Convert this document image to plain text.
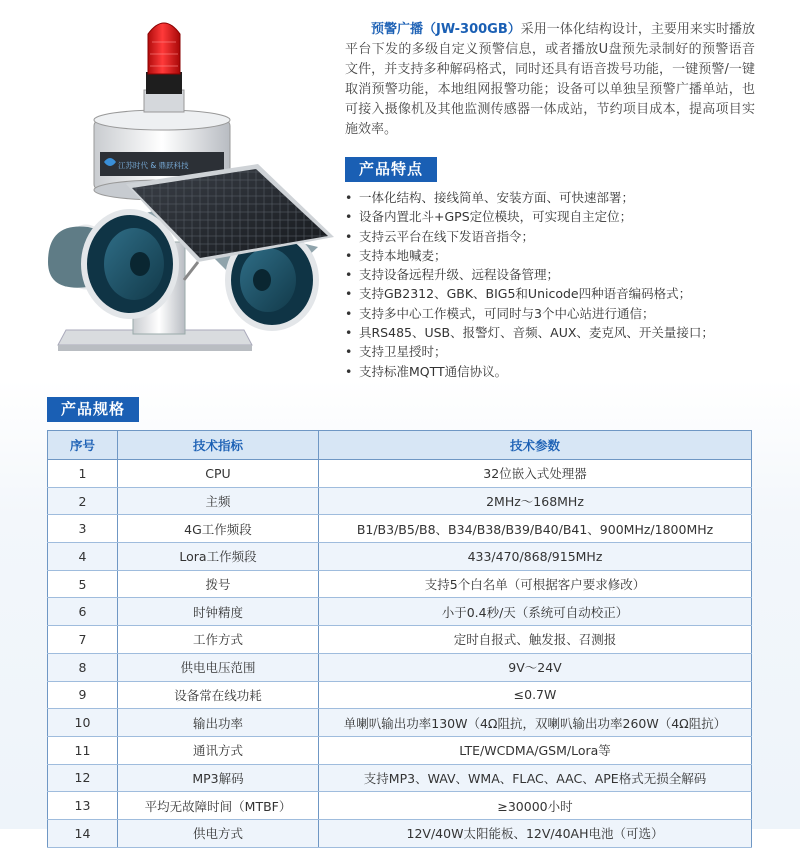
江苏时代 & 鼎跃科技
预警广播（JW-300GB）采用一体化结构设计，主要用来实时播放平台下发的多级自定义预警信息，或者播放U盘预先录制好的预警语音文件，并支持多种解码格式，同时还具有语音拨号功能，一键预警/一键取消预警功能，本地组网报警功能；设备可以单独呈预警广播单站，也可接入摄像机及其他监测传感器一体成站，节约项目成本，提高项目实施效率。
产品特点
• 一体化结构、接线简单、安装方面、可快速部署；
• 设备内置北斗+GPS定位模块，可实现自主定位；
• 支持云平台在线下发语音指令；
• 支持本地喊麦；
• 支持设备远程升级、远程设备管理；
• 支持GB2312、GBK、BIG5和Unicode四种语音编码格式；
• 支持多中心工作模式，可同时与3个中心站进行通信；
• 具RS485、USB、报警灯、音频、AUX、麦克风、开关量接口；
• 支持卫星授时；
• 支持标准MQTT通信协议。
产品规格
序号	技术指标	技术参数
1	CPU	32位嵌入式处理器
2	主频	2MHz～168MHz
3	4G工作频段	B1/B3/B5/B8、B34/B38/B39/B40/B41、900MHz/1800MHz
4	Lora工作频段	433/470/868/915MHz
5	拨号	支持5个白名单（可根据客户要求修改）
6	时钟精度	小于0.4秒/天（系统可自动校正）
7	工作方式	定时自报式、触发报、召测报
8	供电电压范围	9V～24V
9	设备常在线功耗	≤0.7W
10	输出功率	单喇叭输出功率130W（4Ω阻抗，双喇叭输出功率260W（4Ω阻抗）
11	通讯方式	LTE/WCDMA/GSM/Lora等
12	MP3解码	支持MP3、WAV、WMA、FLAC、AAC、APE格式无损全解码
13	平均无故障时间（MTBF）	≥30000小时
14	供电方式	12V/40W太阳能板、12V/40AH电池（可选）
